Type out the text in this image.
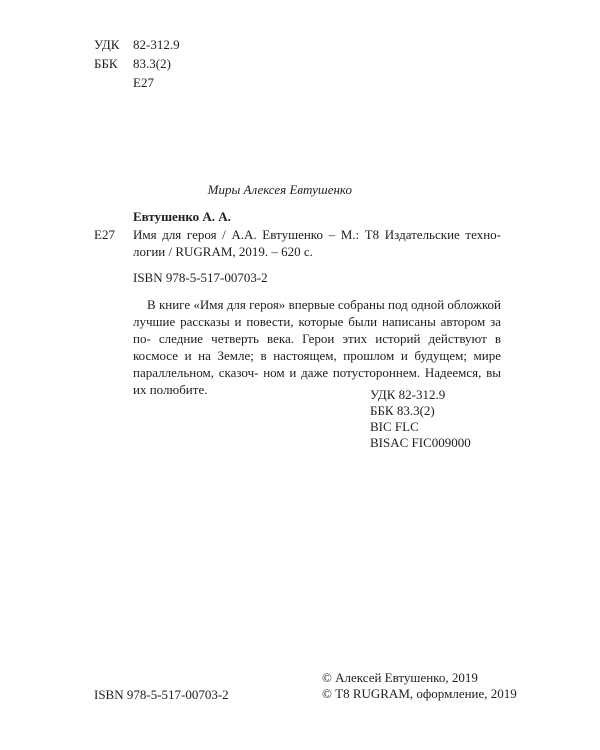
УДК	82-312.9
ББК	83.3(2)
Е27
Миры Алексея Евтушенко
Евтушенко А. А.
Е27 Имя для героя / А.А. Евтушенко – М.: Т8 Издательские техно- логии / RUGRAM, 2019. – 620 с.
ISBN 978-5-517-00703-2
В книге «Имя для героя» впервые собраны под одной обложкой лучшие рассказы и повести, которые были написаны автором за по- следние четверть века. Герои этих историй действуют в космосе и на Земле; в настоящем, прошлом и будущем; мире параллельном, сказоч- ном и даже потустороннем. Надеемся, вы их полюбите.	УДК 82-312.9
ББК 83.3(2)
BIC FLC
BISAC FIC009000
ISBN 978-5-517-00703-2
© Алексей Евтушенко, 2019
© Т8 RUGRAM, оформление, 2019
